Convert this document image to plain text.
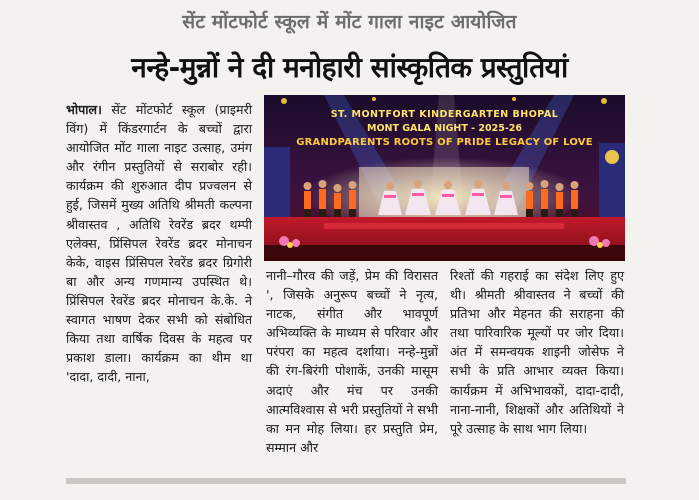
सेंट मोंटफोर्ट स्कूल में मोंट गाला नाइट आयोजित
नन्हे-मुन्नों ने दी मनोहारी सांस्कृतिक प्रस्तुतियां
भोपाल। सेंट मोंटफोर्ट स्कूल (प्राइमरी विंग) में किंडरगार्टन के बच्चों द्वारा आयोजित मोंट गाला नाइट उत्साह, उमंग और रंगीन प्रस्तुतियों से सराबोर रही। कार्यक्रम की शुरुआत दीप प्रज्वलन से हुई, जिसमें मुख्य अतिथि श्रीमती कल्पना श्रीवास्तव , अतिथि रेवरेंड ब्रदर थम्पी एलेक्स, प्रिंसिपल रेवरेंड ब्रदर मोनाचन केके, वाइस प्रिंसिपल रेवरेंड ब्रदर ग्रिगोरी बा और अन्य गणमान्य उपस्थित थे। प्रिंसिपल रेवरेंड ब्रदर मोनाचन के.के. ने स्वागत भाषण देकर सभी को संबोधित किया तथा वार्षिक दिवस के महत्व पर प्रकाश डाला। कार्यक्रम का थीम था 'दादा, दादी, नाना,
ST. MONTFORT KINDERGARTEN BHOPAL
MONT GALA NIGHT - 2025-26
GRANDPARENTS ROOTS OF PRIDE LEGACY OF LOVE
नानी–गौरव की जड़ें, प्रेम की विरासत ', जिसके अनुरूप बच्चों ने नृत्य, नाटक, संगीत और भावपूर्ण अभिव्यक्ति के माध्यम से परिवार और परंपरा का महत्व दर्शाया। नन्हे-मुन्नों की रंग-बिरंगी पोशाकें, उनकी मासूम अदाएं और मंच पर उनकी आत्मविश्वास से भरी प्रस्तुतियों ने सभी का मन मोह लिया। हर प्रस्तुति प्रेम, सम्मान और
रिश्तों की गहराई का संदेश लिए हुए थी। श्रीमती श्रीवास्तव ने बच्चों की प्रतिभा और मेहनत की सराहना की तथा पारिवारिक मूल्यों पर जोर दिया। अंत में समन्वयक शाइनी जोसेफ ने सभी के प्रति आभार व्यक्त किया। कार्यक्रम में अभिभावकों, दादा-दादी, नाना-नानी, शिक्षकों और अतिथियों ने पूरे उत्साह के साथ भाग लिया।
